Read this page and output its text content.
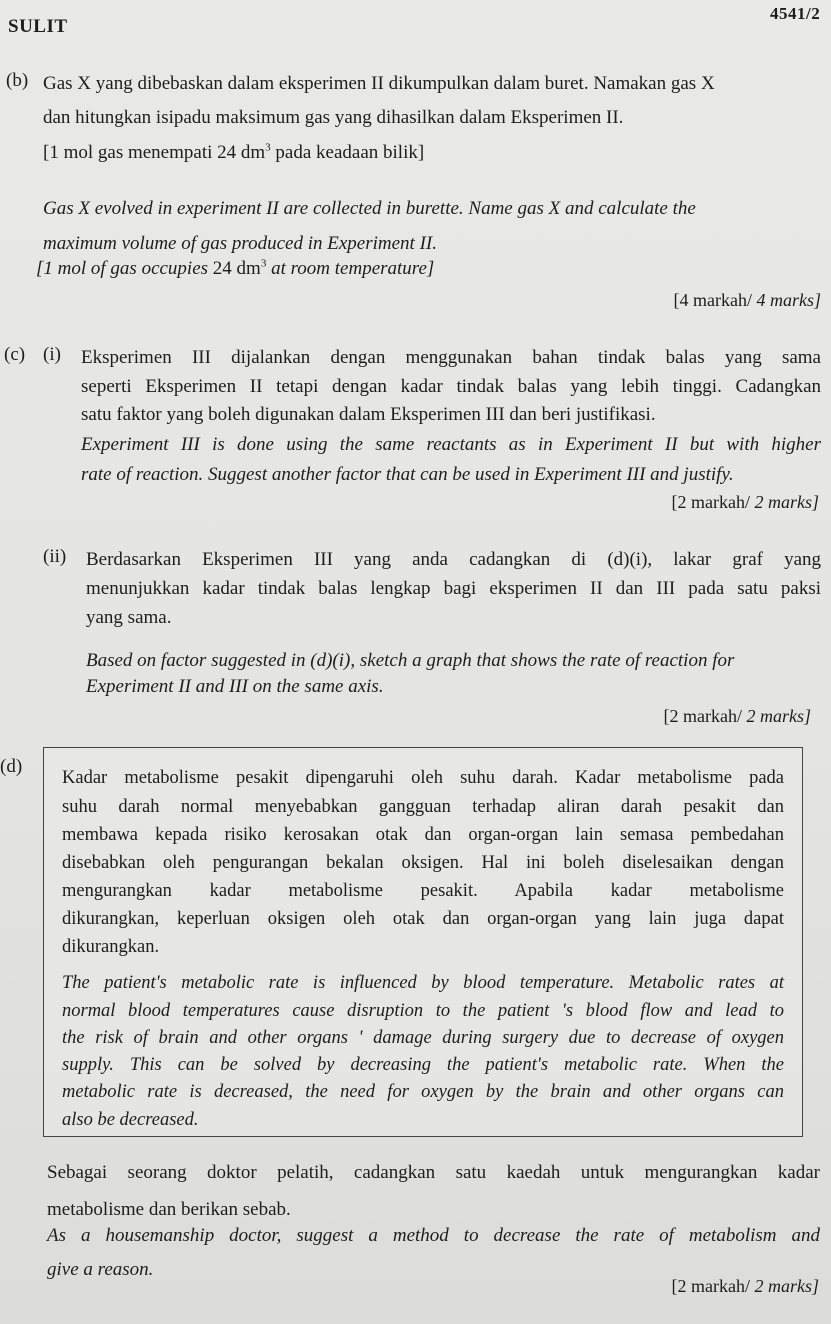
SULIT
4541/2
(b) Gas X yang dibebaskan dalam eksperimen II dikumpulkan dalam buret. Namakan gas X
dan hitungkan isipadu maksimum gas yang dihasilkan dalam Eksperimen II.
[1 mol gas menempati 24 $dm^3$ pada keadaan bilik]
Gas X evolved in experiment II are collected in burette. Name gas X and calculate the
maximum volume of gas produced in Experiment II.
[1 mol of gas occupies 24 $dm^3$ at room temperature]
[4 markah/ 4 marks]
(c) (i) Eksperimen III dijalankan dengan menggunakan bahan tindak balas yang sama
seperti Eksperimen II tetapi dengan kadar tindak balas yang lebih tinggi. Cadangkan
satu faktor yang boleh digunakan dalam Eksperimen III dan beri justifikasi.
Experiment III is done using the same reactants as in Experiment II but with higher
rate of reaction. Suggest another factor that can be used in Experiment III and justify.
[2 markah/ 2 marks]
(ii) Berdasarkan Eksperimen III yang anda cadangkan di (d)(i), lakar graf yang
menunjukkan kadar tindak balas lengkap bagi eksperimen II dan III pada satu paksi
yang sama.
Based on factor suggested in (d)(i), sketch a graph that shows the rate of reaction for
Experiment II and III on the same axis.
[2 markah/ 2 marks]
(d)
Kadar metabolisme pesakit dipengaruhi oleh suhu darah. Kadar metabolisme pada
suhu darah normal menyebabkan gangguan terhadap aliran darah pesakit dan
membawa kepada risiko kerosakan otak dan organ-organ lain semasa pembedahan
disebabkan oleh pengurangan bekalan oksigen. Hal ini boleh diselesaikan dengan
mengurangkan kadar metabolisme pesakit. Apabila kadar metabolisme
dikurangkan, keperluan oksigen oleh otak dan organ-organ yang lain juga dapat
dikurangkan.
The patient's metabolic rate is influenced by blood temperature. Metabolic rates at
normal blood temperatures cause disruption to the patient 's blood flow and lead to
the risk of brain and other organs ' damage during surgery due to decrease of oxygen
supply. This can be solved by decreasing the patient's metabolic rate. When the
metabolic rate is decreased, the need for oxygen by the brain and other organs can
also be decreased.
Sebagai seorang doktor pelatih, cadangkan satu kaedah untuk mengurangkan kadar
metabolisme dan berikan sebab.
As a housemanship doctor, suggest a method to decrease the rate of metabolism and
give a reason.
[2 markah/ 2 marks]
